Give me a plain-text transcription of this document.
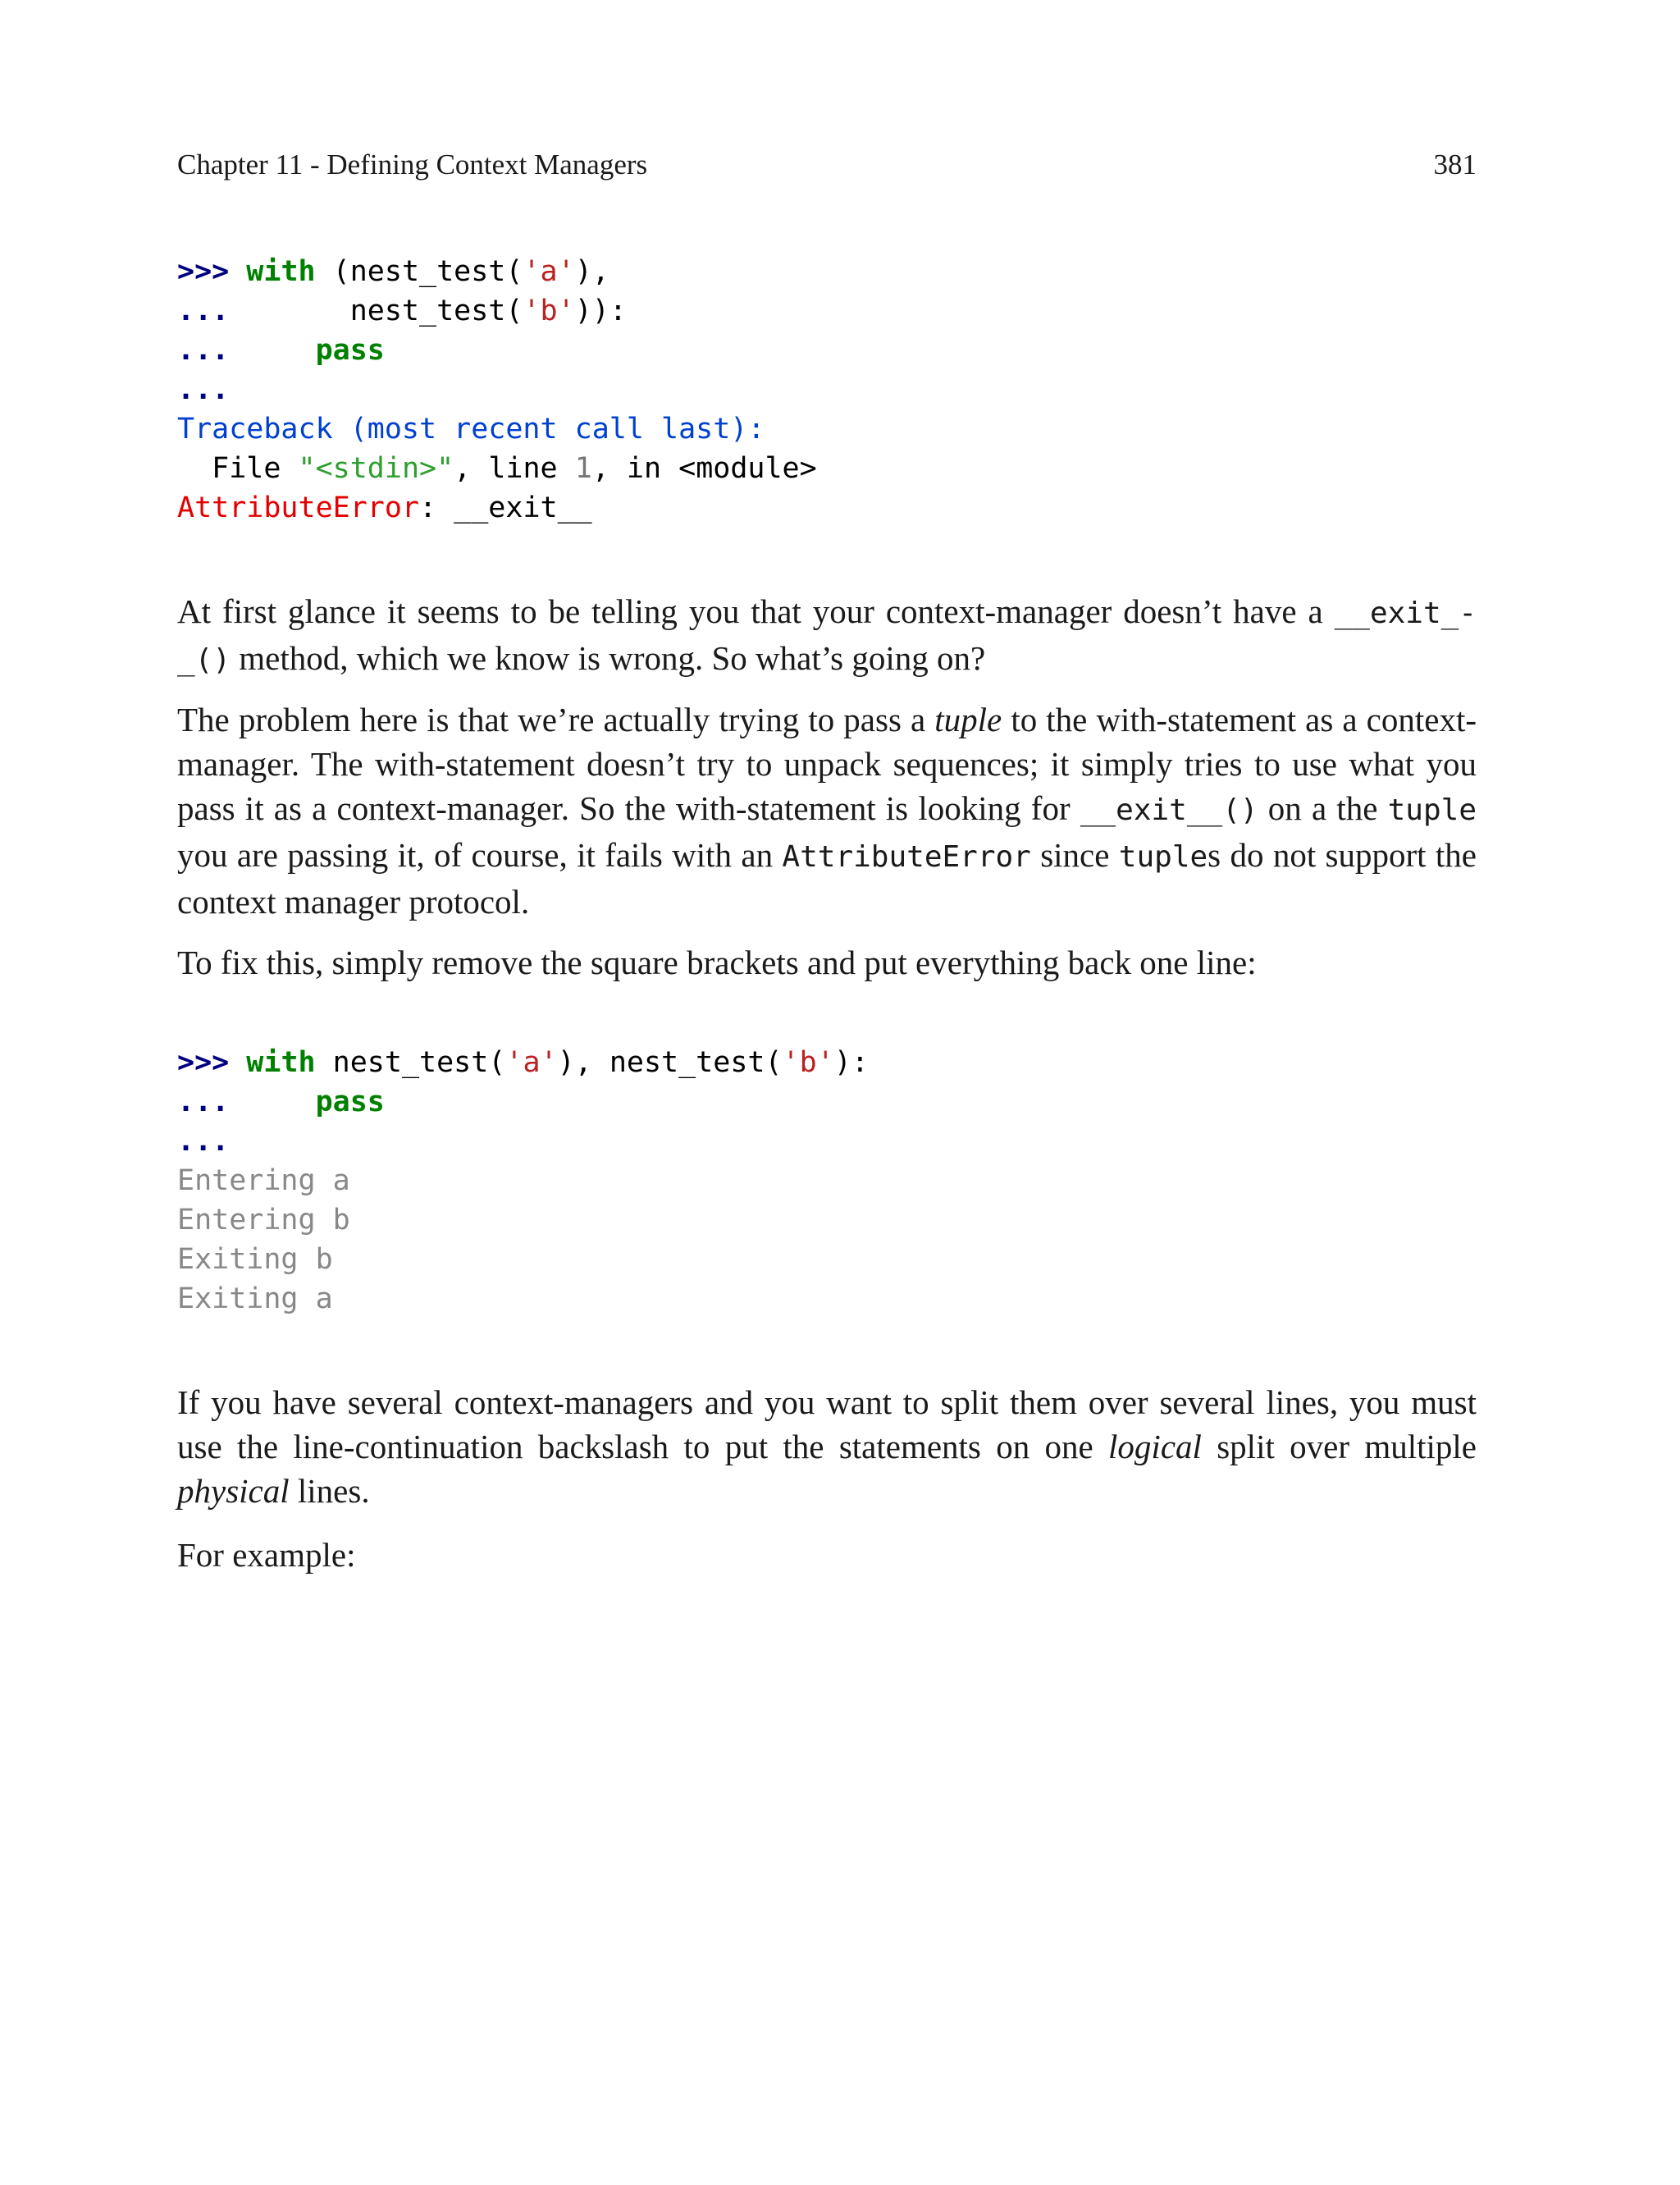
Chapter 11 - Defining Context Managers	381
>>> with (nest_test('a'),
...       nest_test('b')):
...	pass
...
Traceback (most recent call last):
File "<stdin>", line 1, in <module>
AttributeError: __exit__

At first glance it seems to be telling you that your context-manager doesn’t have a __exit_-_() method, which we know is wrong. So what’s going on?

The problem here is that we’re actually trying to pass a tuple to the with-statement as a context-manager. The with-statement doesn’t try to unpack sequences; it simply tries to use what you pass it as a context-manager. So the with-statement is looking for __exit__() on a the tuple you are passing it, of course, it fails with an AttributeError since tuples do not support the context manager protocol.

To fix this, simply remove the square brackets and put everything back one line:

>>> with nest_test('a'), nest_test('b'):
...	pass
...
Entering a
Entering b
Exiting b
Exiting a

If you have several context-managers and you want to split them over several lines, you must use the line-continuation backslash to put the statements on one logical split over multiple physical lines.

For example:
